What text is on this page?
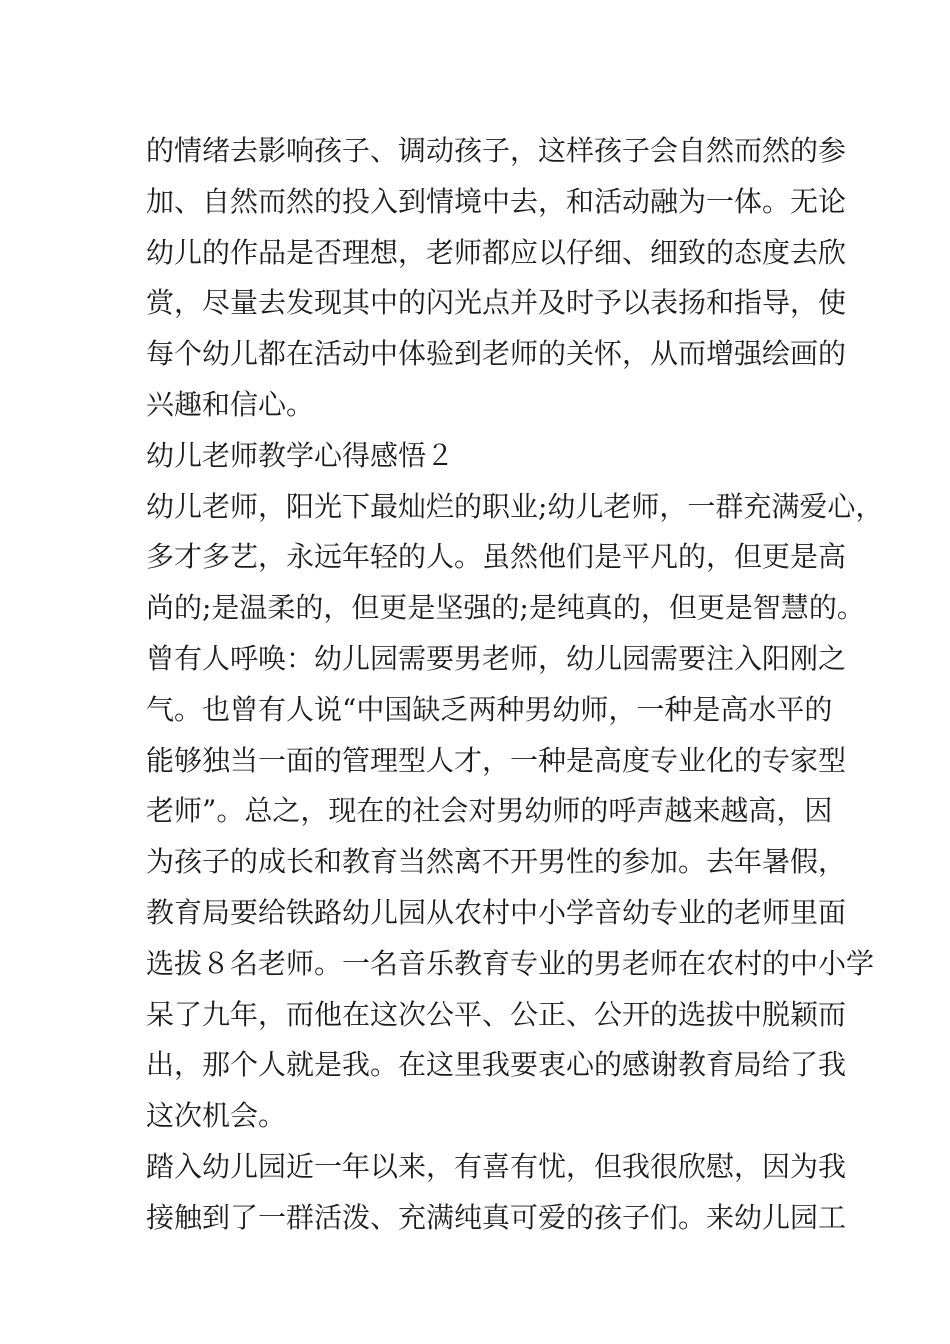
的情绪去影响孩子、调动孩子，这样孩子会自然而然的参
加、自然而然的投入到情境中去，和活动融为一体。无论
幼儿的作品是否理想，老师都应以仔细、细致的态度去欣
赏，尽量去发现其中的闪光点并及时予以表扬和指导，使
每个幼儿都在活动中体验到老师的关怀，从而增强绘画的
兴趣和信心。
幼儿老师教学心得感悟２
幼儿老师，阳光下最灿烂的职业;幼儿老师，一群充满爱心，
多才多艺，永远年轻的人。虽然他们是平凡的，但更是高
尚的;是温柔的，但更是坚强的;是纯真的，但更是智慧的。
曾有人呼唤：幼儿园需要男老师，幼儿园需要注入阳刚之
气。也曾有人说“中国缺乏两种男幼师，一种是高水平的
能够独当一面的管理型人才，一种是高度专业化的专家型
老师”。总之，现在的社会对男幼师的呼声越来越高，因
为孩子的成长和教育当然离不开男性的参加。去年暑假，
教育局要给铁路幼儿园从农村中小学音幼专业的老师里面
选拔８名老师。一名音乐教育专业的男老师在农村的中小学
呆了九年，而他在这次公平、公正、公开的选拔中脱颖而
出，那个人就是我。在这里我要衷心的感谢教育局给了我
这次机会。
踏入幼儿园近一年以来，有喜有忧，但我很欣慰，因为我
接触到了一群活泼、充满纯真可爱的孩子们。来幼儿园工
